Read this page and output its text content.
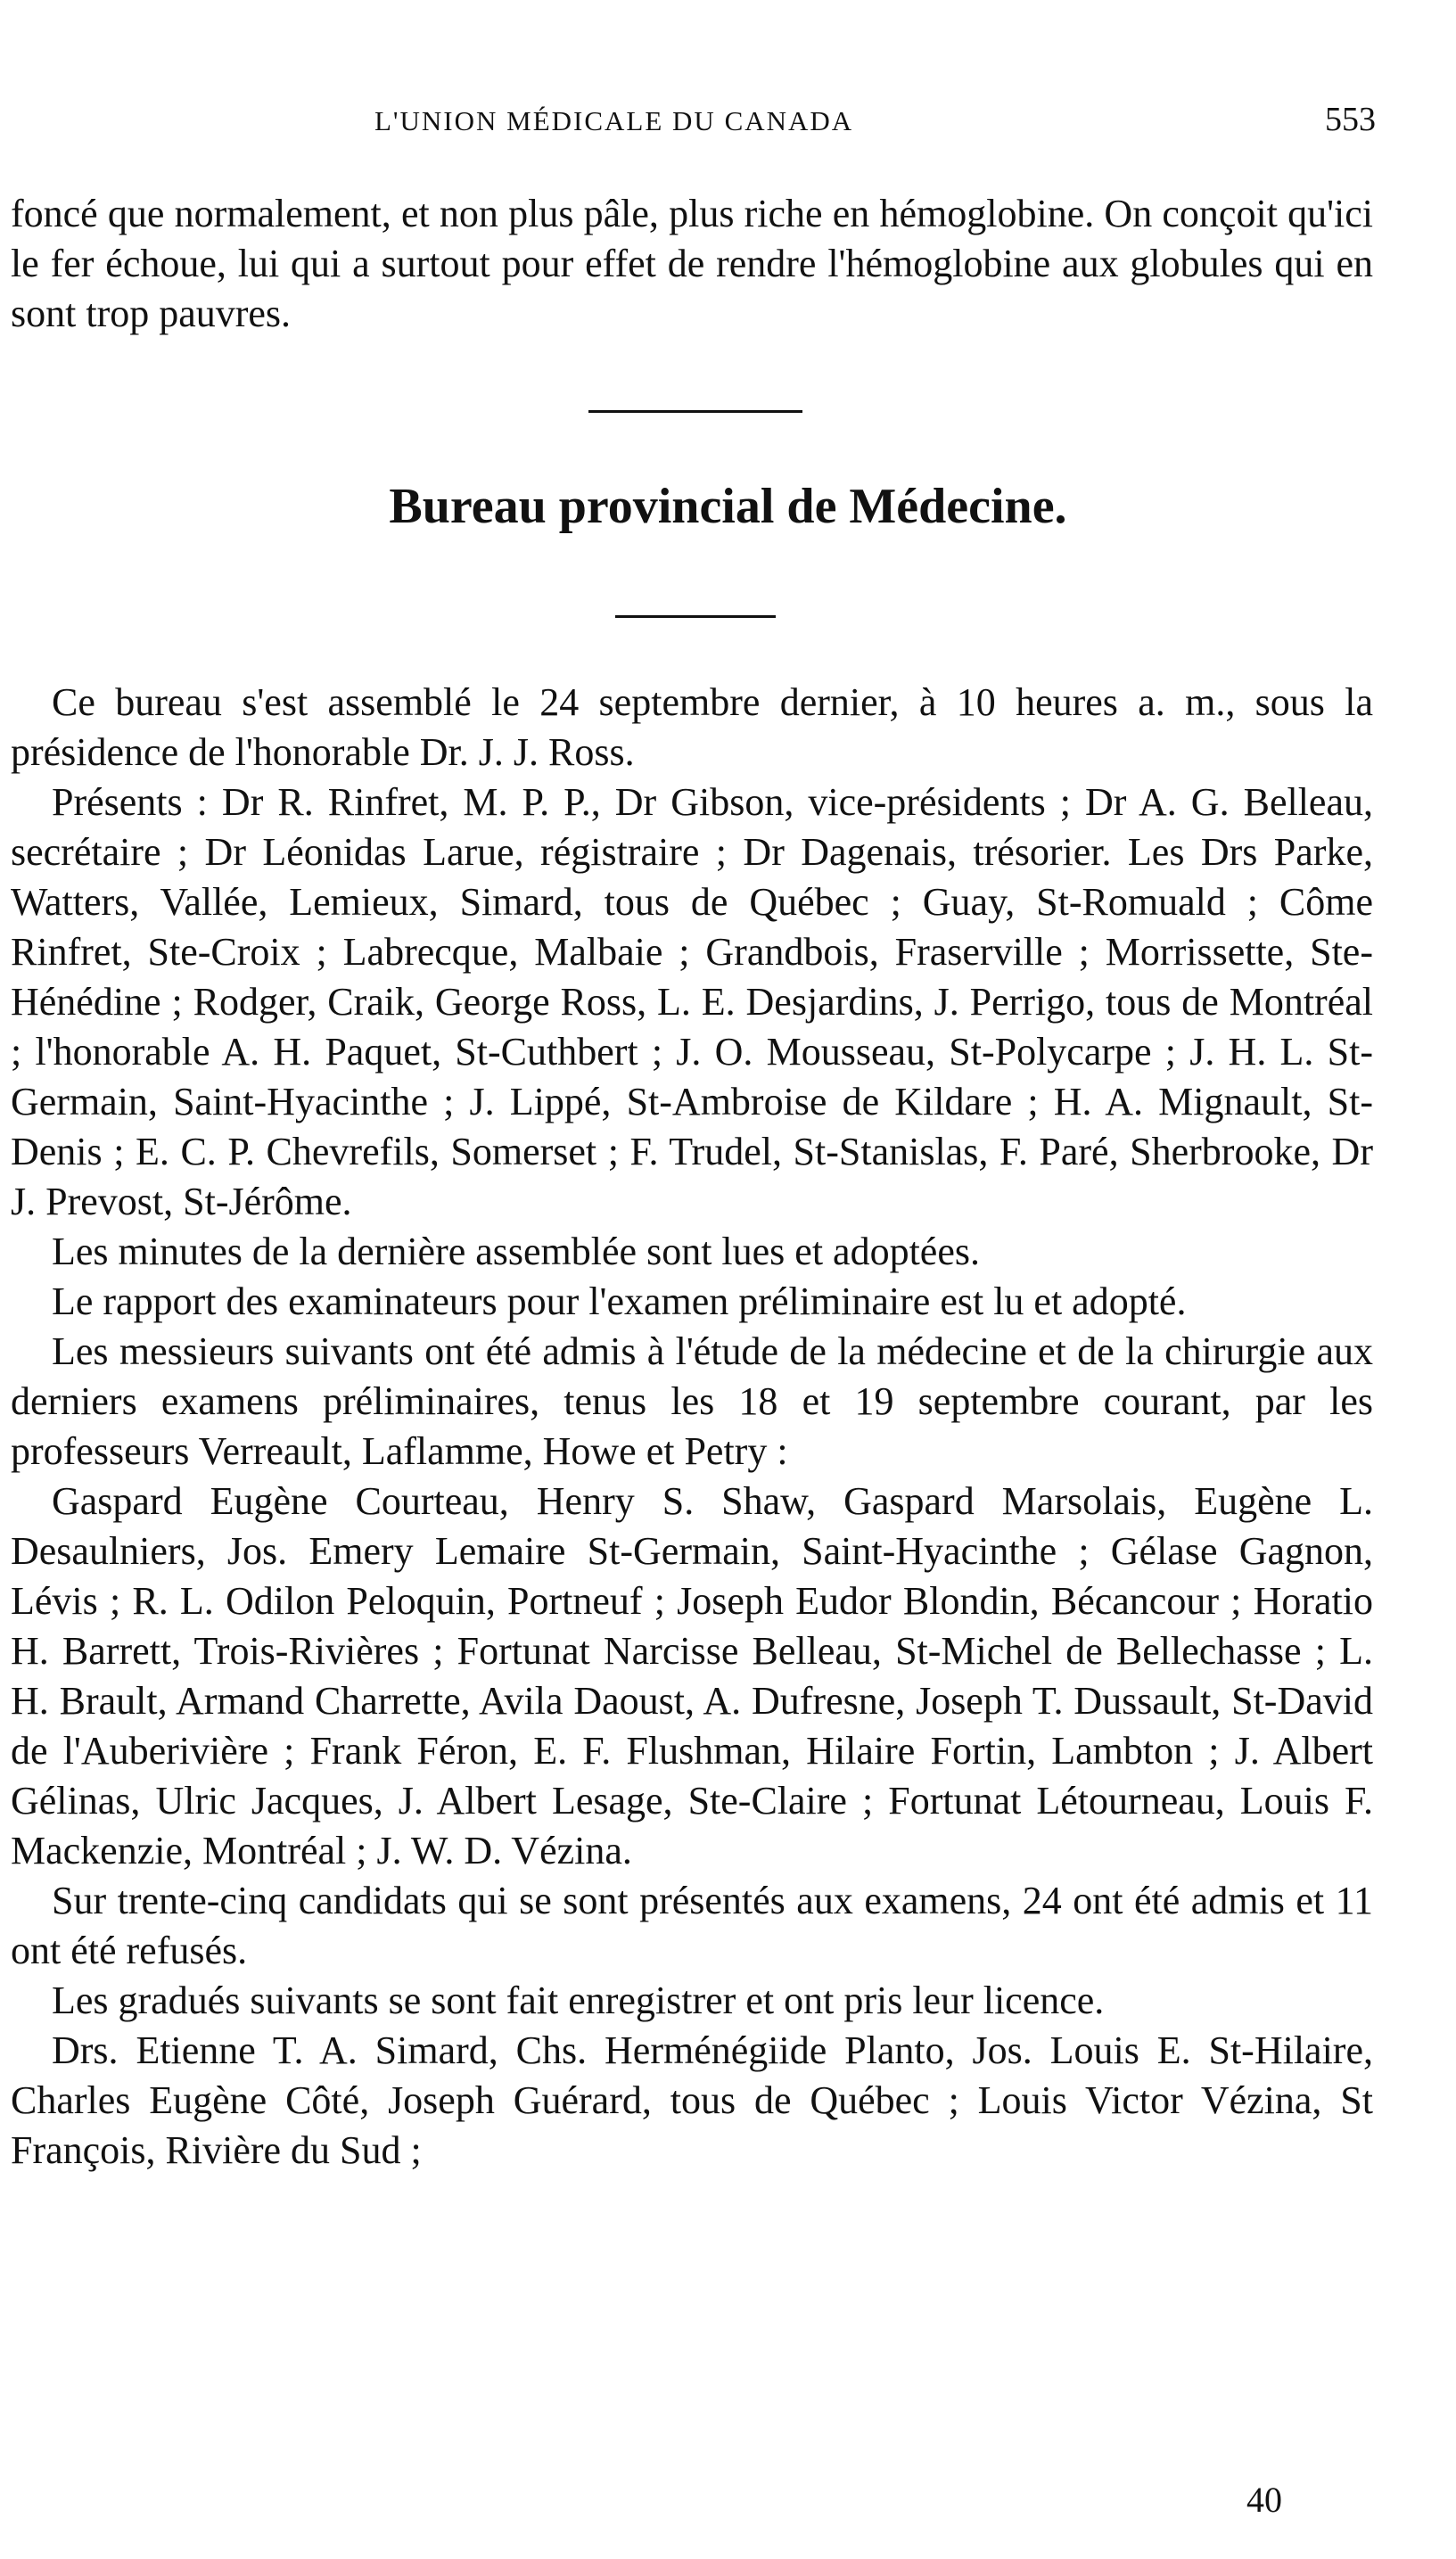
L'UNION MÉDICALE DU CANADA	553

foncé que normalement, et non plus pâle, plus riche en hémoglobine. On conçoit qu'ici le fer échoue, lui qui a surtout pour effet de rendre l'hémoglobine aux globules qui en sont trop pauvres.

Bureau provincial de Médecine.

Ce bureau s'est assemblé le 24 septembre dernier, à 10 heures a. m., sous la présidence de l'honorable Dr. J. J. Ross.

Présents : Dr R. Rinfret, M. P. P., Dr Gibson, vice-présidents ; Dr A. G. Belleau, secrétaire ; Dr Léonidas Larue, régistraire ; Dr Dagenais, trésorier. Les Drs Parke, Watters, Vallée, Lemieux, Simard, tous de Québec ; Guay, St-Romuald ; Côme Rinfret, Ste-Croix ; Labrecque, Malbaie ; Grandbois, Fraserville ; Morrissette, Ste-Hénédine ; Rodger, Craik, George Ross, L. E. Desjardins, J. Perrigo, tous de Montréal ; l'honorable A. H. Paquet, St-Cuthbert ; J. O. Mousseau, St-Polycarpe ; J. H. L. St-Germain, Saint-Hyacinthe ; J. Lippé, St-Ambroise de Kildare ; H. A. Mignault, St-Denis ; E. C. P. Chevrefils, Somerset ; F. Trudel, St-Stanislas, F. Paré, Sherbrooke, Dr J. Prevost, St-Jérôme.

Les minutes de la dernière assemblée sont lues et adoptées.

Le rapport des examinateurs pour l'examen préliminaire est lu et adopté.

Les messieurs suivants ont été admis à l'étude de la médecine et de la chirurgie aux derniers examens préliminaires, tenus les 18 et 19 septembre courant, par les professeurs Verreault, Laflamme, Howe et Petry :

Gaspard Eugène Courteau, Henry S. Shaw, Gaspard Marsolais, Eugène L. Desaulniers, Jos. Emery Lemaire St-Germain, Saint-Hyacinthe ; Gélase Gagnon, Lévis ; R. L. Odilon Peloquin, Portneuf ; Joseph Eudor Blondin, Bécancour ; Horatio H. Barrett, Trois-Rivières ; Fortunat Narcisse Belleau, St-Michel de Bellechasse ; L. H. Brault, Armand Charrette, Avila Daoust, A. Dufresne, Joseph T. Dussault, St-David de l'Auberivière ; Frank Féron, E. F. Flushman, Hilaire Fortin, Lambton ; J. Albert Gélinas, Ulric Jacques, J. Albert Lesage, Ste-Claire ; Fortunat Létourneau, Louis F. Mackenzie, Montréal ; J. W. D. Vézina.

Sur trente-cinq candidats qui se sont présentés aux examens, 24 ont été admis et 11 ont été refusés.

Les gradués suivants se sont fait enregistrer et ont pris leur licence.

Drs. Etienne T. A. Simard, Chs. Herménégiide Planto, Jos. Louis E. St-Hilaire, Charles Eugène Côté, Joseph Guérard, tous de Québec ; Louis Victor Vézina, St François, Rivière du Sud ;

40
